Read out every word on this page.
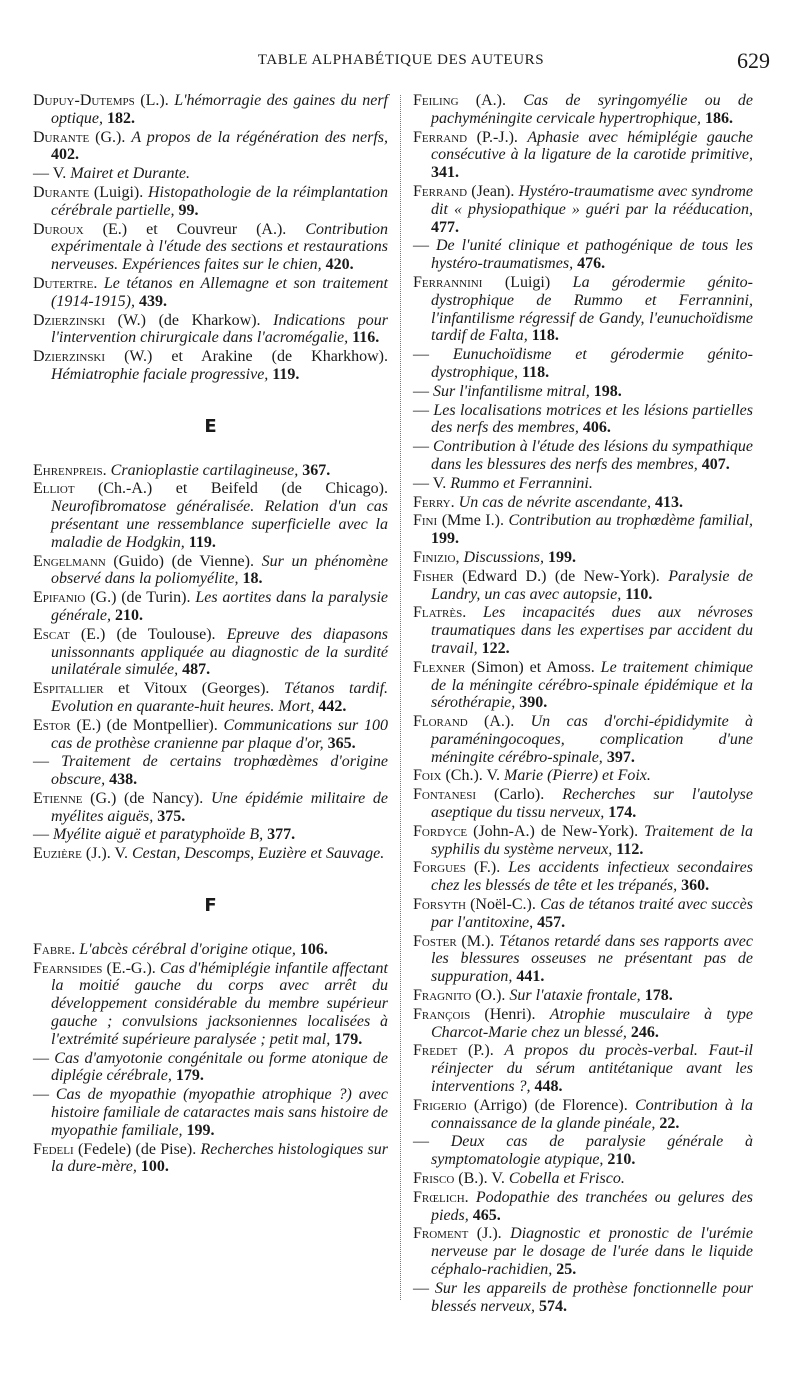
TABLE ALPHABÉTIQUE DES AUTEURS	629

Dupuy-Dutemps (L.). L'hémorragie des gaines du nerf optique, 182.

Durante (G.). A propos de la régénération des nerfs, 402.

— V. Mairet et Durante.

Durante (Luigi). Histopathologie de la réimplantation cérébrale partielle, 99.

Duroux (E.) et Couvreur (A.). Contribution expérimentale à l'étude des sections et restaurations nerveuses. Expériences faites sur le chien, 420.

Dutertre. Le tétanos en Allemagne et son traitement (1914-1915), 439.

Dzierzinski (W.) (de Kharkow). Indications pour l'intervention chirurgicale dans l'acromégalie, 116.

Dzierzinski (W.) et Arakine (de Kharkhow). Hémiatrophie faciale progressive, 119.

E

Ehrenpreis. Cranioplastie cartilagineuse, 367.

Elliot (Ch.-A.) et Beifeld (de Chicago). Neurofibromatose généralisée. Relation d'un cas présentant une ressemblance superficielle avec la maladie de Hodgkin, 119.

Engelmann (Guido) (de Vienne). Sur un phénomène observé dans la poliomyélite, 18.

Epifanio (G.) (de Turin). Les aortites dans la paralysie générale, 210.

Escat (E.) (de Toulouse). Epreuve des diapasons unissonnants appliquée au diagnostic de la surdité unilatérale simulée, 487.

Espitallier et Vitoux (Georges). Tétanos tardif. Evolution en quarante-huit heures. Mort, 442.

Estor (E.) (de Montpellier). Communications sur 100 cas de prothèse cranienne par plaque d'or, 365.

— Traitement de certains trophœdèmes d'origine obscure, 438.

Etienne (G.) (de Nancy). Une épidémie militaire de myélites aiguës, 375.

— Myélite aiguë et paratyphoïde B, 377.

Euzière (J.). V. Cestan, Descomps, Euzière et Sauvage.

F

Fabre. L'abcès cérébral d'origine otique, 106.

Fearnsides (E.-G.). Cas d'hémiplégie infantile affectant la moitié gauche du corps avec arrêt du développement considérable du membre supérieur gauche ; convulsions jacksoniennes localisées à l'extrémité supérieure paralysée ; petit mal, 179.

— Cas d'amyotonie congénitale ou forme atonique de diplégie cérébrale, 179.

— Cas de myopathie (myopathie atrophique ?) avec histoire familiale de cataractes mais sans histoire de myopathie familiale, 199.

Fedeli (Fedele) (de Pise). Recherches histologiques sur la dure-mère, 100.

Feiling (A.). Cas de syringomyélie ou de pachyméningite cervicale hypertrophique, 186.

Ferrand (P.-J.). Aphasie avec hémiplégie gauche consécutive à la ligature de la carotide primitive, 341.

Ferrand (Jean). Hystéro-traumatisme avec syndrome dit « physiopathique » guéri par la rééducation, 477.

— De l'unité clinique et pathogénique de tous les hystéro-traumatismes, 476.

Ferrannini (Luigi) La gérodermie génito-dystrophique de Rummo et Ferrannini, l'infantilisme régressif de Gandy, l'eunuchoïdisme tardif de Falta, 118.

— Eunuchoïdisme et gérodermie génito-dystrophique, 118.

— Sur l'infantilisme mitral, 198.

— Les localisations motrices et les lésions partielles des nerfs des membres, 406.

— Contribution à l'étude des lésions du sympathique dans les blessures des nerfs des membres, 407.

— V. Rummo et Ferrannini.

Ferry. Un cas de névrite ascendante, 413.

Fini (Mme I.). Contribution au trophœdème familial, 199.

Finizio, Discussions, 199.

Fisher (Edward D.) (de New-York). Paralysie de Landry, un cas avec autopsie, 110.

Flatrès. Les incapacités dues aux névroses traumatiques dans les expertises par accident du travail, 122.

Flexner (Simon) et Amoss. Le traitement chimique de la méningite cérébro-spinale épidémique et la sérothérapie, 390.

Florand (A.). Un cas d'orchi-épididymite à paraméningocoques, complication d'une méningite cérébro-spinale, 397.

Foix (Ch.). V. Marie (Pierre) et Foix.

Fontanesi (Carlo). Recherches sur l'autolyse aseptique du tissu nerveux, 174.

Fordyce (John-A.) de New-York). Traitement de la syphilis du système nerveux, 112.

Forgues (F.). Les accidents infectieux secondaires chez les blessés de tête et les trépanés, 360.

Forsyth (Noël-C.). Cas de tétanos traité avec succès par l'antitoxine, 457.

Foster (M.). Tétanos retardé dans ses rapports avec les blessures osseuses ne présentant pas de suppuration, 441.

Fragnito (O.). Sur l'ataxie frontale, 178.

François (Henri). Atrophie musculaire à type Charcot-Marie chez un blessé, 246.

Fredet (P.). A propos du procès-verbal. Faut-il réinjecter du sérum antitétanique avant les interventions ?, 448.

Frigerio (Arrigo) (de Florence). Contribution à la connaissance de la glande pinéale, 22.

— Deux cas de paralysie générale à symptomatologie atypique, 210.

Frisco (B.). V. Cobella et Frisco.

Frœlich. Podopathie des tranchées ou gelures des pieds, 465.

Froment (J.). Diagnostic et pronostic de l'urémie nerveuse par le dosage de l'urée dans le liquide céphalo-rachidien, 25.

— Sur les appareils de prothèse fonctionnelle pour blessés nerveux, 574.
